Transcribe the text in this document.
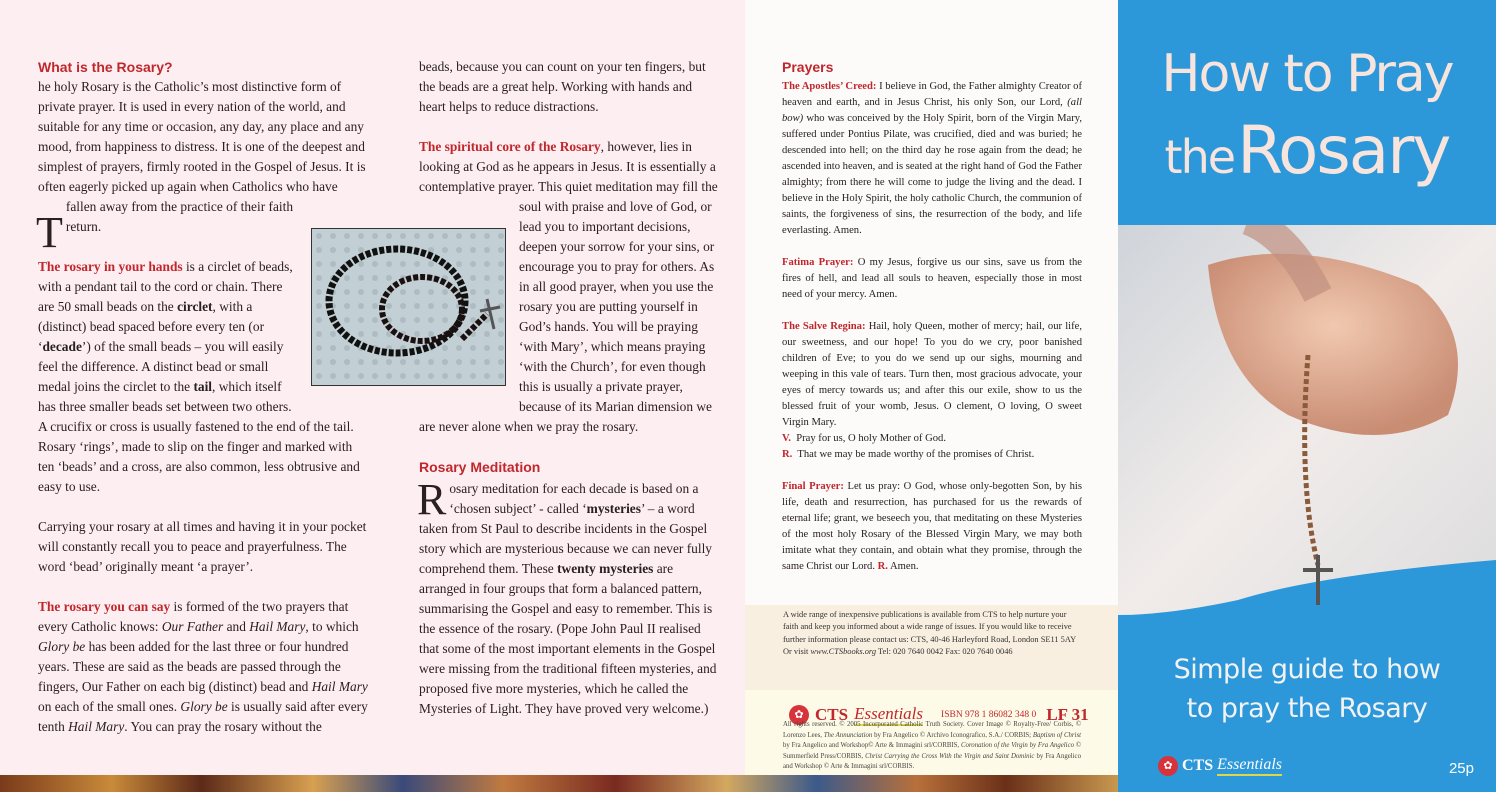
What is the Rosary?

T
he holy Rosary is the Catholic’s most distinctive form of private prayer. It is used in every nation of the world, and suitable for any time or occasion, any day, any place and any mood, from happiness to distress. It is one of the deepest and simplest of prayers, firmly rooted in the Gospel of Jesus. It is often eagerly picked up again when Catholics who have fallen away from the practice of their faith return.

The rosary in your hands is a circlet of beads, with a pendant tail to the cord or chain. There are 50 small beads on the circlet, with a (distinct) bead spaced before every ten (or ‘decade’) of the small beads – you will easily feel the difference. A distinct bead or small medal joins the circlet to the tail, which itself has three smaller beads set between two others. A crucifix or cross is usually fastened to the end of the tail. Rosary ‘rings’, made to slip on the finger and marked with ten ‘beads’ and a cross, are also common, less obtrusive and easy to use.

Carrying your rosary at all times and having it in your pocket will constantly recall you to peace and prayerfulness. The word ‘bead’ originally meant ‘a prayer’.

The rosary you can say is formed of the two prayers that every Catholic knows: Our Father and Hail Mary, to which Glory be has been added for the last three or four hundred years. These are said as the beads are passed through the fingers, Our Father on each big (distinct) bead and Hail Mary on each of the small ones. Glory be is usually said after every tenth Hail Mary. You can pray the rosary without the

beads, because you can count on your ten fingers, but the beads are a great help. Working with hands and heart helps to reduce distractions.

The spiritual core of the Rosary, however, lies in looking at God as he appears in Jesus. It is essentially a contemplative prayer. This quiet meditation may fill the soul with praise and love of God, or lead you to important decisions, deepen your sorrow for your sins, or encourage you to pray for others. As in all good prayer, when you use the rosary you are putting yourself in God’s hands. You will be praying ‘with Mary’, which means praying ‘with the Church’, for even though this is usually a private prayer, because of its Marian dimension we are never alone when we pray the rosary.

Rosary Meditation

Rosary meditation for each decade is based on a ‘chosen subject’ - called ‘mysteries’ – a word taken from St Paul to describe incidents in the Gospel story which are mysterious because we can never fully comprehend them. These twenty mysteries are arranged in four groups that form a balanced pattern, summarising the Gospel and easy to remember. This is the essence of the rosary. (Pope John Paul II realised that some of the most important elements in the Gospel were missing from the traditional fifteen mysteries, and proposed five more mysteries, which he called the Mysteries of Light. They have proved very welcome.)

Prayers

The Apostles’ Creed: I believe in God, the Father almighty Creator of heaven and earth, and in Jesus Christ, his only Son, our Lord, (all bow) who was conceived by the Holy Spirit, born of the Virgin Mary, suffered under Pontius Pilate, was crucified, died and was buried; he descended into hell; on the third day he rose again from the dead; he ascended into heaven, and is seated at the right hand of God the Father almighty; from there he will come to judge the living and the dead. I believe in the Holy Spirit, the holy catholic Church, the communion of saints, the forgiveness of sins, the resurrection of the body, and life everlasting. Amen.

Fatima Prayer: O my Jesus, forgive us our sins, save us from the fires of hell, and lead all souls to heaven, especially those in most need of your mercy. Amen.

The Salve Regina: Hail, holy Queen, mother of mercy; hail, our life, our sweetness, and our hope! To you do we cry, poor banished children of Eve; to you do we send up our sighs, mourning and weeping in this vale of tears. Turn then, most gracious advocate, your eyes of mercy towards us; and after this our exile, show to us the blessed fruit of your womb, Jesus. O clement, O loving, O sweet Virgin Mary.

V.  Pray for us, O holy Mother of God.

R.  That we may be made worthy of the promises of Christ.

Final Prayer: Let us pray: O God, whose only-begotten Son, by his life, death and resurrection, has purchased for us the rewards of eternal life; grant, we beseech you, that meditating on these Mysteries of the most holy Rosary of the Blessed Virgin Mary, we may both imitate what they contain, and obtain what they promise, through the same Christ our Lord. R. Amen.

A wide range of inexpensive publications is available from CTS to help nurture your faith and keep you informed about a wide range of issues. If you would like to receive further information please contact us: CTS, 40-46 Harleyford Road, London SE11 5AY Or visit www.CTSbooks.org Tel: 020 7640 0042 Fax: 020 7640 0046
✿ CTS Essentials ISBN 978 1 86082 348 0 LF 31
All rights reserved. © 2005 Incorporated Catholic Truth Society. Cover Image © Royalty-Free/ Corbis, © Lorenzo Lees, The Annunciation by Fra Angelico © Archivo Iconografico, S.A./ CORBIS; Baptism of Christ by Fra Angelico and Workshop© Arte & Immagini srl/CORBIS, Coronation of the Virgin by Fra Angelico © Summerfield Press/CORBIS, Christ Carrying the Cross With the Virgin and Saint Dominic by Fra Angelico and Workshop © Arte & Immagini srl/CORBIS.
How to Pray
the Rosary
Simple guide to how
to pray the Rosary
✿ CTS Essentials	25p
